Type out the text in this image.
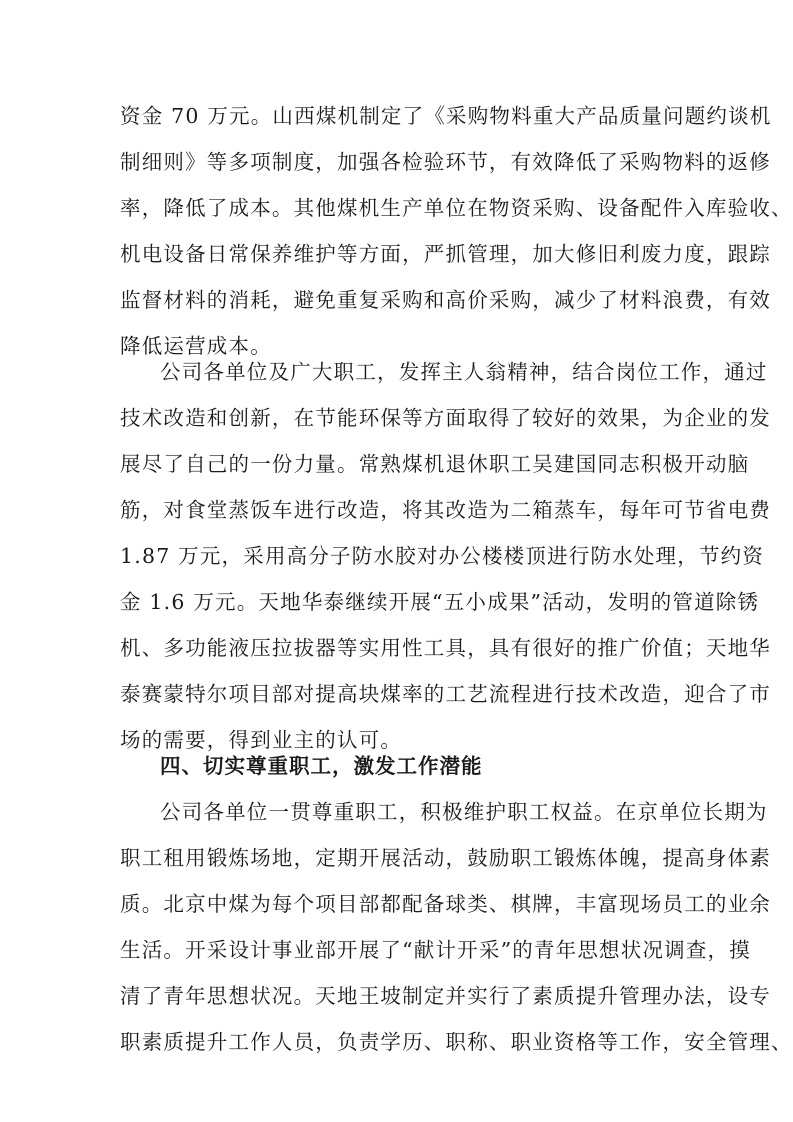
资金 70 万元。山西煤机制定了《采购物料重大产品质量问题约谈机
制细则》等多项制度，加强各检验环节，有效降低了采购物料的返修
率，降低了成本。其他煤机生产单位在物资采购、设备配件入库验收、
机电设备日常保养维护等方面，严抓管理，加大修旧利废力度，跟踪
监督材料的消耗，避免重复采购和高价采购，减少了材料浪费，有效
降低运营成本。
公司各单位及广大职工，发挥主人翁精神，结合岗位工作，通过
技术改造和创新，在节能环保等方面取得了较好的效果，为企业的发
展尽了自己的一份力量。常熟煤机退休职工吴建国同志积极开动脑
筋，对食堂蒸饭车进行改造，将其改造为二箱蒸车，每年可节省电费
1.87 万元，采用高分子防水胶对办公楼楼顶进行防水处理，节约资
金 1.6 万元。天地华泰继续开展“五小成果”活动，发明的管道除锈
机、多功能液压拉拔器等实用性工具，具有很好的推广价值；天地华
泰赛蒙特尔项目部对提高块煤率的工艺流程进行技术改造，迎合了市
场的需要，得到业主的认可。
四、切实尊重职工，激发工作潜能
公司各单位一贯尊重职工，积极维护职工权益。在京单位长期为
职工租用锻炼场地，定期开展活动，鼓励职工锻炼体魄，提高身体素
质。北京中煤为每个项目部都配备球类、棋牌，丰富现场员工的业余
生活。开采设计事业部开展了“献计开采”的青年思想状况调查，摸
清了青年思想状况。天地王坡制定并实行了素质提升管理办法，设专
职素质提升工作人员，负责学历、职称、职业资格等工作，安全管理、
